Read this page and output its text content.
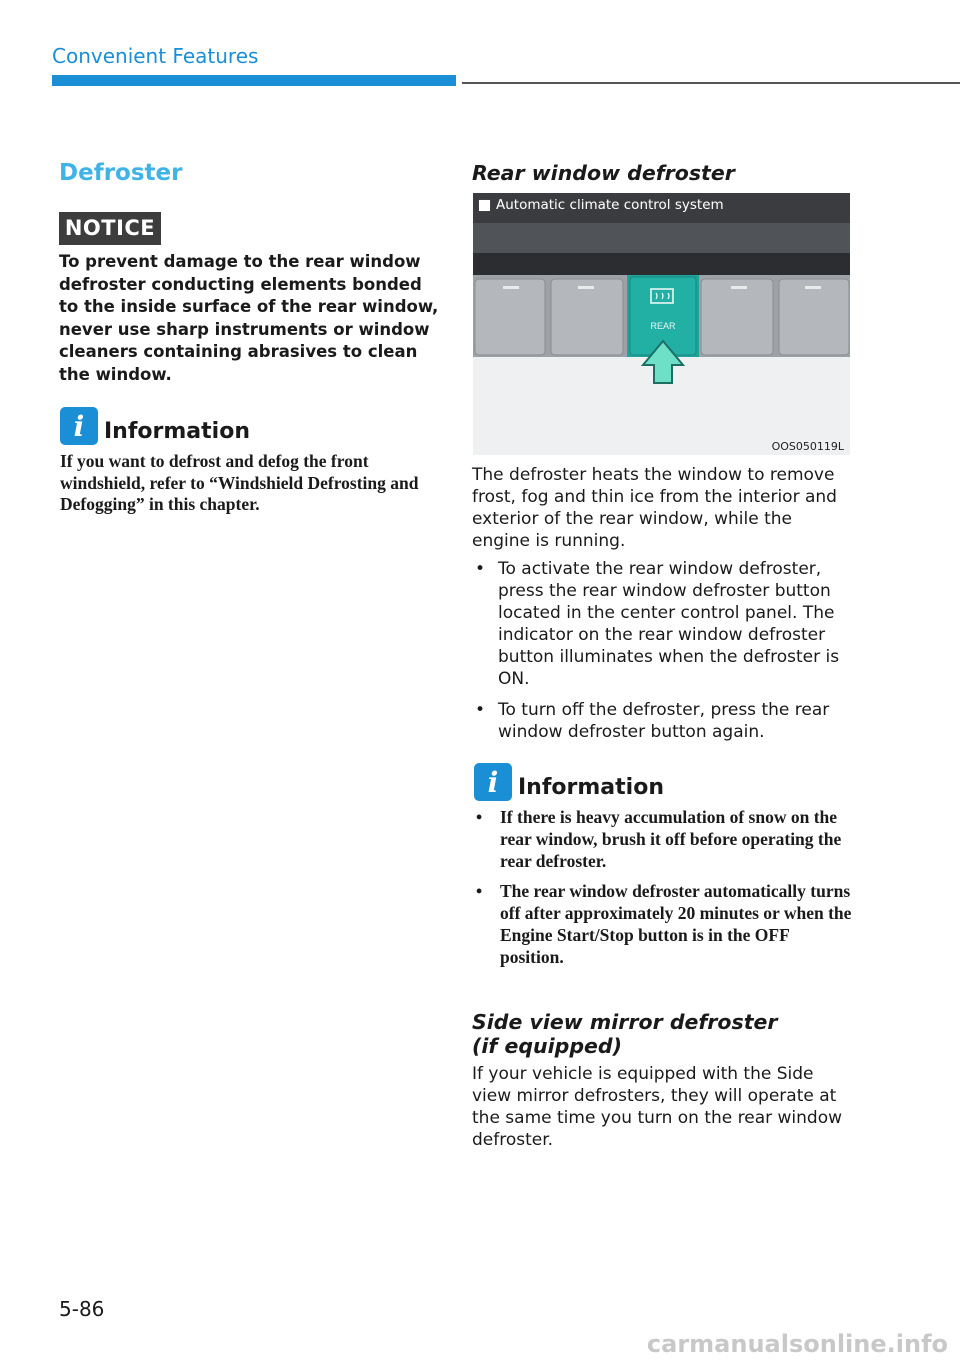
Convenient Features
Defroster
NOTICE
To prevent damage to the rear window defroster conducting elements bonded to the inside surface of the rear window, never use sharp instruments or window cleaners containing abrasives to clean the window.
i Information
If you want to defrost and defog the front windshield, refer to “Windshield Defrosting and Defogging” in this chapter.
Rear window defroster
REAR
Automatic climate control system
OOS050119L
The defroster heats the window to remove frost, fog and thin ice from the interior and exterior of the rear window, while the engine is running.
• To activate the rear window defroster, press the rear window defroster button located in the center control panel. The indicator on the rear window defroster button illuminates when the defroster is ON.
• To turn off the defroster, press the rear window defroster button again.
i Information
• If there is heavy accumulation of snow on the rear window, brush it off before operating the rear defroster.
• The rear window defroster automatically turns off after approximately 20 minutes or when the Engine Start/Stop button is in the OFF position.
Side view mirror defroster (if equipped)
If your vehicle is equipped with the Side view mirror defrosters, they will operate at the same time you turn on the rear window defroster.
5-86
carmanualsonline.info
